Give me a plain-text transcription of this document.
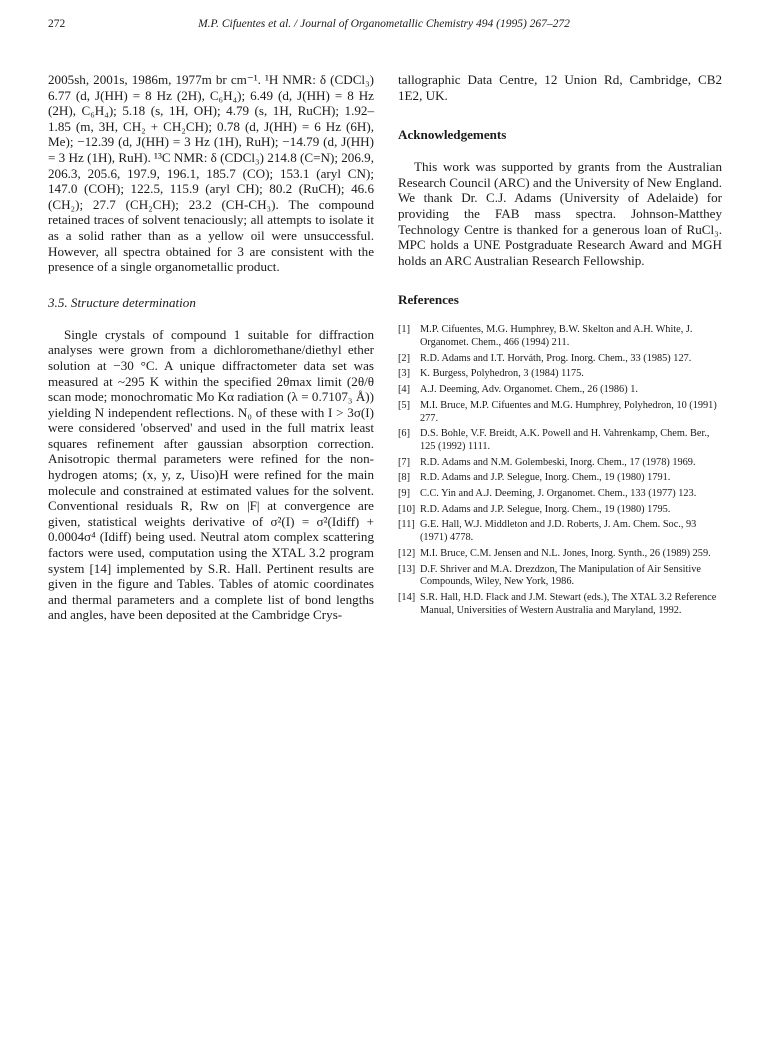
272	M.P. Cifuentes et al. / Journal of Organometallic Chemistry 494 (1995) 267–272

2005sh, 2001s, 1986m, 1977m br cm⁻¹. ¹H NMR: δ (CDCl₃) 6.77 (d, J(HH) = 8 Hz (2H), C₆H₄); 6.49 (d, J(HH) = 8 Hz (2H), C₆H₄); 5.18 (s, 1H, OH); 4.79 (s, 1H, RuCH); 1.92–1.85 (m, 3H, CH₂ + CH₂CH); 0.78 (d, J(HH) = 6 Hz (6H), Me); −12.39 (d, J(HH) = 3 Hz (1H), RuH); −14.79 (d, J(HH) = 3 Hz (1H), RuH). ¹³C NMR: δ (CDCl₃) 214.8 (C=N); 206.9, 206.3, 205.6, 197.9, 196.1, 185.7 (CO); 153.1 (aryl CN); 147.0 (COH); 122.5, 115.9 (aryl CH); 80.2 (RuCH); 46.6 (CH₂); 27.7 (CH₂CH); 23.2 (CH-CH₃). The compound retained traces of solvent tenaciously; all attempts to isolate it as a solid rather than as a yellow oil were unsuccessful. However, all spectra obtained for 3 are consistent with the presence of a single organometallic product.

3.5. Structure determination

Single crystals of compound 1 suitable for diffraction analyses were grown from a dichloromethane/diethyl ether solution at −30 °C. A unique diffractometer data set was measured at ~295 K within the specified 2θmax limit (2θ/θ scan mode; monochromatic Mo Kα radiation (λ = 0.7107₃ Å)) yielding N independent reflections. N₀ of these with I > 3σ(I) were considered 'observed' and used in the full matrix least squares refinement after gaussian absorption correction. Anisotropic thermal parameters were refined for the non-hydrogen atoms; (x, y, z, Uiso)H were refined for the main molecule and constrained at estimated values for the solvent. Conventional residuals R, Rw on |F| at convergence are given, statistical weights derivative of σ²(I) = σ²(Idiff) + 0.0004σ⁴ (Idiff) being used. Neutral atom complex scattering factors were used, computation using the XTAL 3.2 program system [14] implemented by S.R. Hall. Pertinent results are given in the figure and Tables. Tables of atomic coordinates and thermal parameters and a complete list of bond lengths and angles, have been deposited at the Cambridge Crys-

tallographic Data Centre, 12 Union Rd, Cambridge, CB2 1E2, UK.

Acknowledgements

This work was supported by grants from the Australian Research Council (ARC) and the University of New England. We thank Dr. C.J. Adams (University of Adelaide) for providing the FAB mass spectra. Johnson-Matthey Technology Centre is thanked for a generous loan of RuCl₃. MPC holds a UNE Postgraduate Research Award and MGH holds an ARC Australian Research Fellowship.

References
[1] M.P. Cifuentes, M.G. Humphrey, B.W. Skelton and A.H. White, J. Organomet. Chem., 466 (1994) 211.
[2] R.D. Adams and I.T. Horváth, Prog. Inorg. Chem., 33 (1985) 127.
[3] K. Burgess, Polyhedron, 3 (1984) 1175.
[4] A.J. Deeming, Adv. Organomet. Chem., 26 (1986) 1.
[5] M.I. Bruce, M.P. Cifuentes and M.G. Humphrey, Polyhedron, 10 (1991) 277.
[6] D.S. Bohle, V.F. Breidt, A.K. Powell and H. Vahrenkamp, Chem. Ber., 125 (1992) 1111.
[7] R.D. Adams and N.M. Golembeski, Inorg. Chem., 17 (1978) 1969.
[8] R.D. Adams and J.P. Selegue, Inorg. Chem., 19 (1980) 1791.
[9] C.C. Yin and A.J. Deeming, J. Organomet. Chem., 133 (1977) 123.
[10] R.D. Adams and J.P. Selegue, Inorg. Chem., 19 (1980) 1795.
[11] G.E. Hall, W.J. Middleton and J.D. Roberts, J. Am. Chem. Soc., 93 (1971) 4778.
[12] M.I. Bruce, C.M. Jensen and N.L. Jones, Inorg. Synth., 26 (1989) 259.
[13] D.F. Shriver and M.A. Drezdzon, The Manipulation of Air Sensitive Compounds, Wiley, New York, 1986.
[14] S.R. Hall, H.D. Flack and J.M. Stewart (eds.), The XTAL 3.2 Reference Manual, Universities of Western Australia and Maryland, 1992.
